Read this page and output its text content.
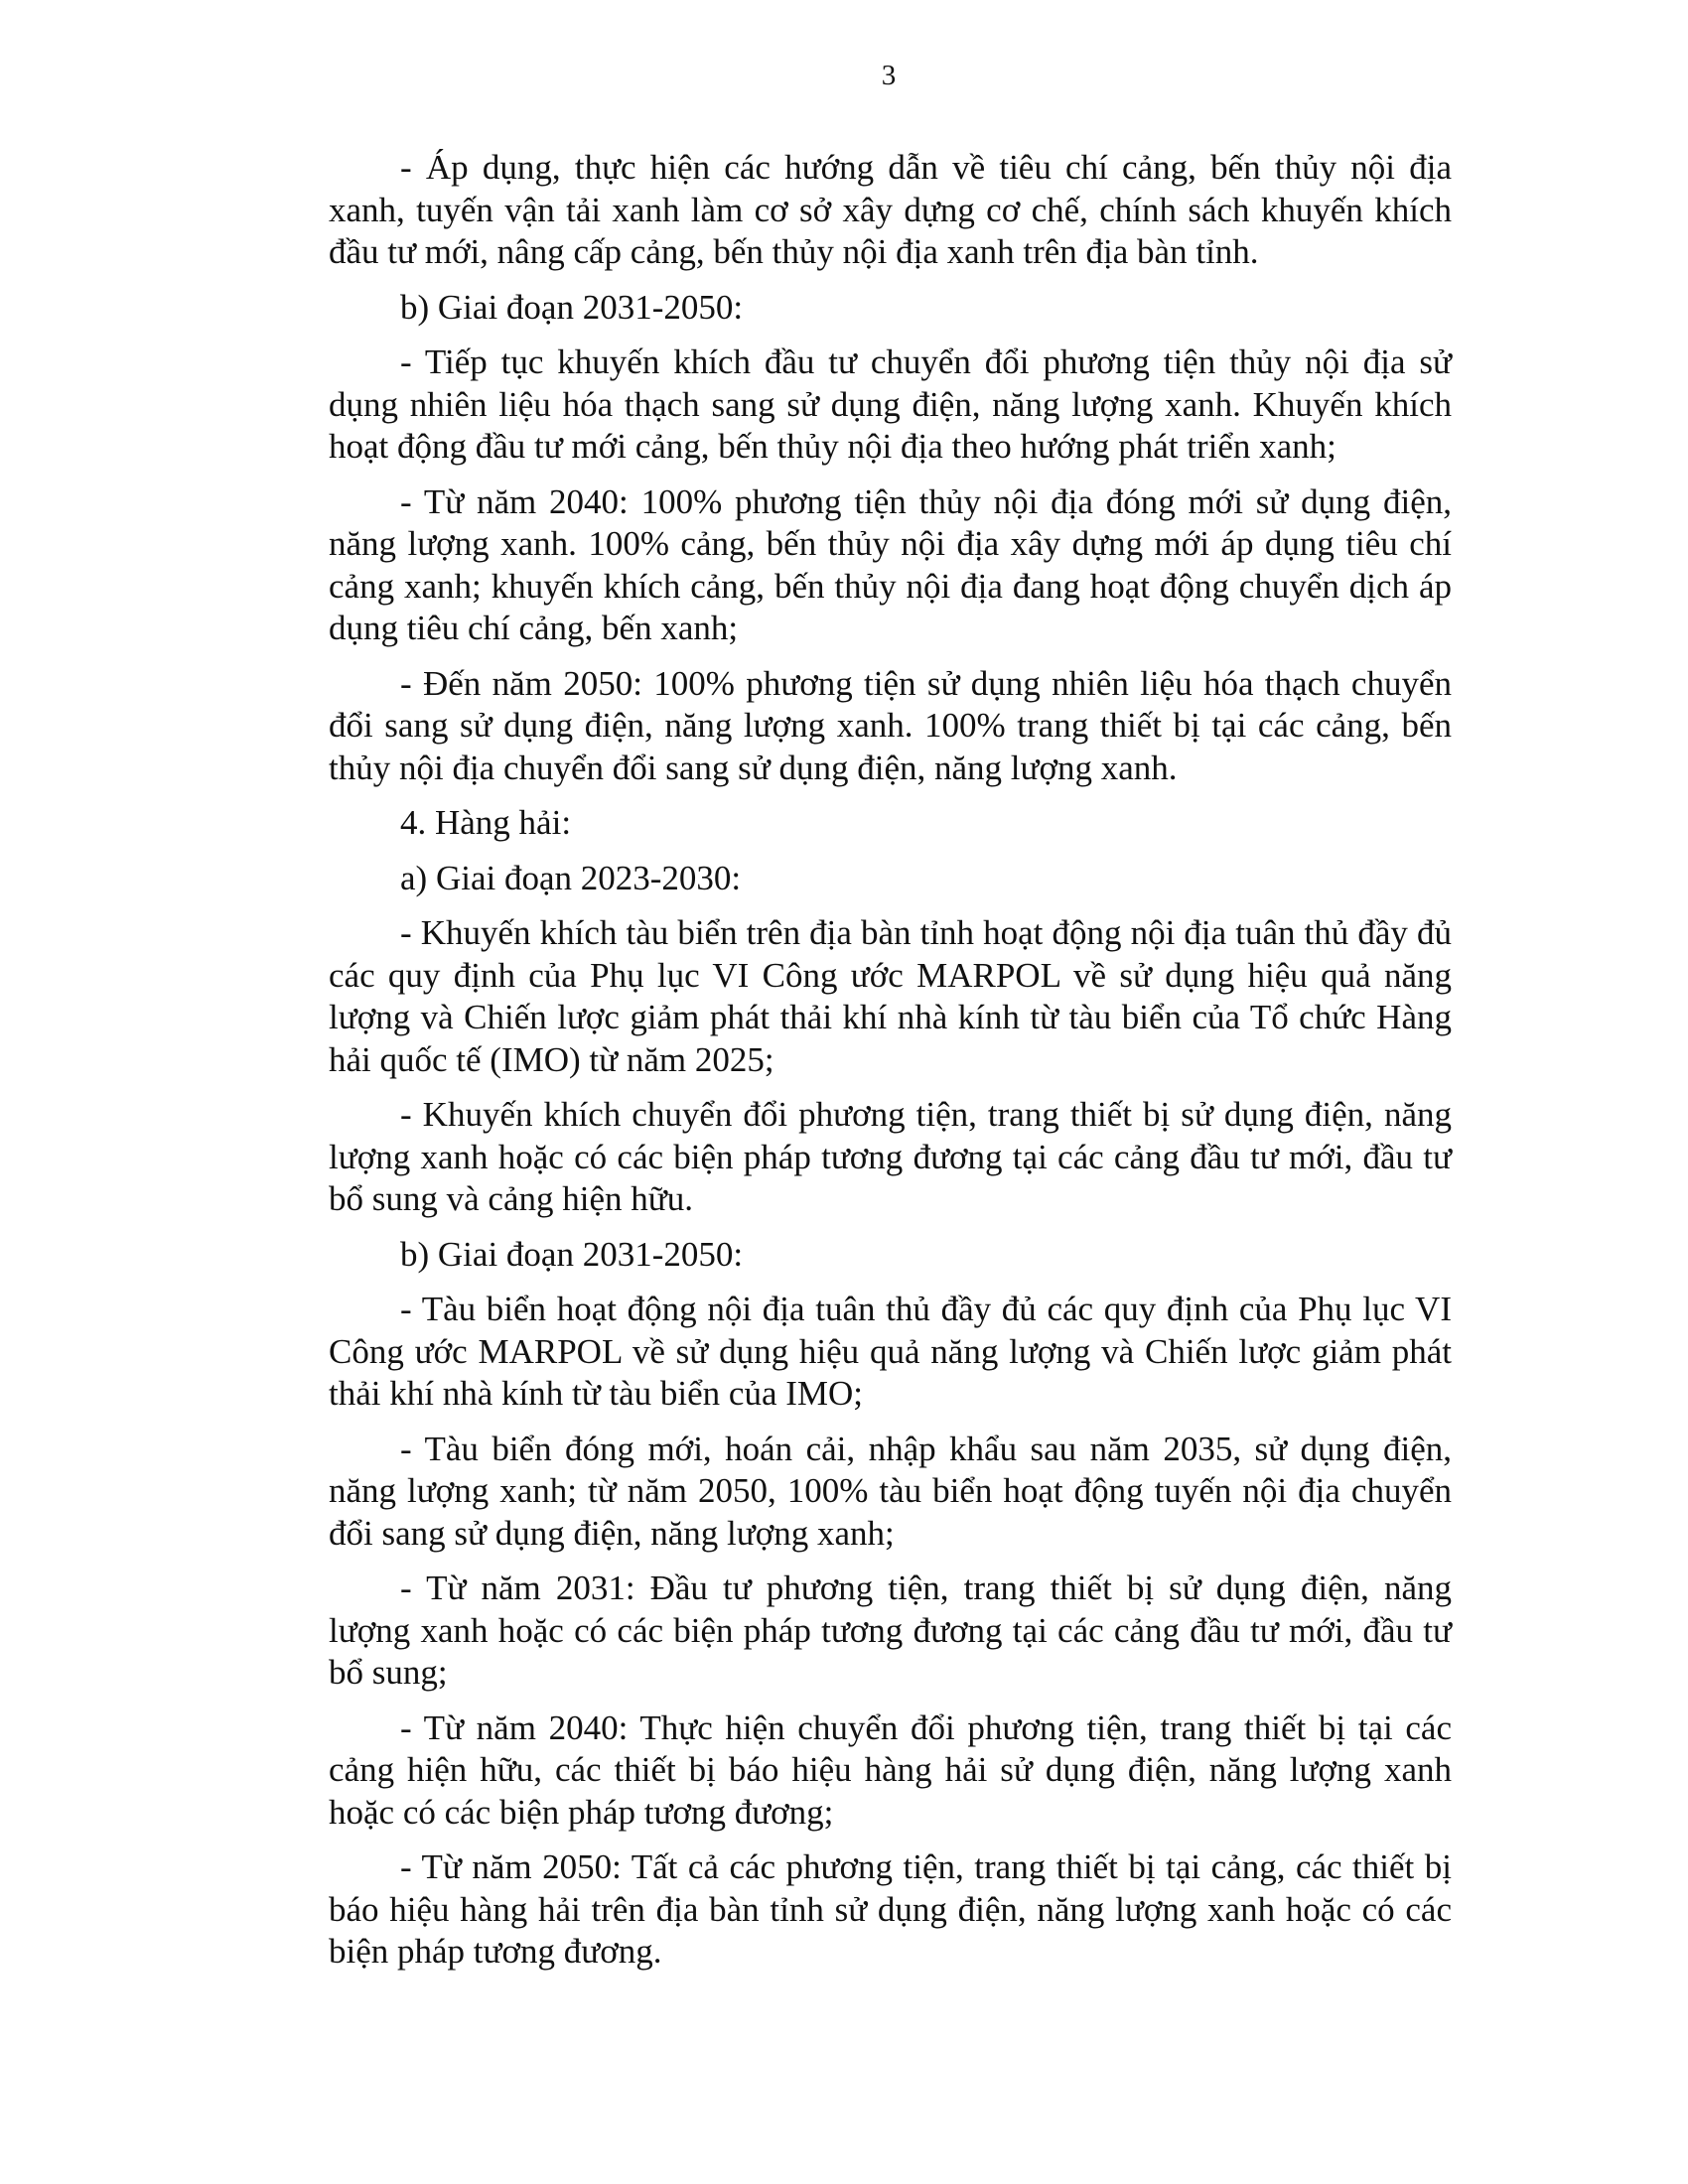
3

- Áp dụng, thực hiện các hướng dẫn về tiêu chí cảng, bến thủy nội địa xanh, tuyến vận tải xanh làm cơ sở xây dựng cơ chế, chính sách khuyến khích đầu tư mới, nâng cấp cảng, bến thủy nội địa xanh trên địa bàn tỉnh.

b) Giai đoạn 2031-2050:

- Tiếp tục khuyến khích đầu tư chuyển đổi phương tiện thủy nội địa sử dụng nhiên liệu hóa thạch sang sử dụng điện, năng lượng xanh. Khuyến khích hoạt động đầu tư mới cảng, bến thủy nội địa theo hướng phát triển xanh;

- Từ năm 2040: 100% phương tiện thủy nội địa đóng mới sử dụng điện, năng lượng xanh. 100% cảng, bến thủy nội địa xây dựng mới áp dụng tiêu chí cảng xanh; khuyến khích cảng, bến thủy nội địa đang hoạt động chuyển dịch áp dụng tiêu chí cảng, bến xanh;

- Đến năm 2050: 100% phương tiện sử dụng nhiên liệu hóa thạch chuyển đổi sang sử dụng điện, năng lượng xanh. 100% trang thiết bị tại các cảng, bến thủy nội địa chuyển đổi sang sử dụng điện, năng lượng xanh.

4. Hàng hải:

a) Giai đoạn 2023-2030:

- Khuyến khích tàu biển trên địa bàn tỉnh hoạt động nội địa tuân thủ đầy đủ các quy định của Phụ lục VI Công ước MARPOL về sử dụng hiệu quả năng lượng và Chiến lược giảm phát thải khí nhà kính từ tàu biển của Tổ chức Hàng hải quốc tế (IMO) từ năm 2025;

- Khuyến khích chuyển đổi phương tiện, trang thiết bị sử dụng điện, năng lượng xanh hoặc có các biện pháp tương đương tại các cảng đầu tư mới, đầu tư bổ sung và cảng hiện hữu.

b) Giai đoạn 2031-2050:

- Tàu biển hoạt động nội địa tuân thủ đầy đủ các quy định của Phụ lục VI Công ước MARPOL về sử dụng hiệu quả năng lượng và Chiến lược giảm phát thải khí nhà kính từ tàu biển của IMO;

- Tàu biển đóng mới, hoán cải, nhập khẩu sau năm 2035, sử dụng điện, năng lượng xanh; từ năm 2050, 100% tàu biển hoạt động tuyến nội địa chuyển đổi sang sử dụng điện, năng lượng xanh;

- Từ năm 2031: Đầu tư phương tiện, trang thiết bị sử dụng điện, năng lượng xanh hoặc có các biện pháp tương đương tại các cảng đầu tư mới, đầu tư bổ sung;

- Từ năm 2040: Thực hiện chuyển đổi phương tiện, trang thiết bị tại các cảng hiện hữu, các thiết bị báo hiệu hàng hải sử dụng điện, năng lượng xanh hoặc có các biện pháp tương đương;

- Từ năm 2050: Tất cả các phương tiện, trang thiết bị tại cảng, các thiết bị báo hiệu hàng hải trên địa bàn tỉnh sử dụng điện, năng lượng xanh hoặc có các biện pháp tương đương.
